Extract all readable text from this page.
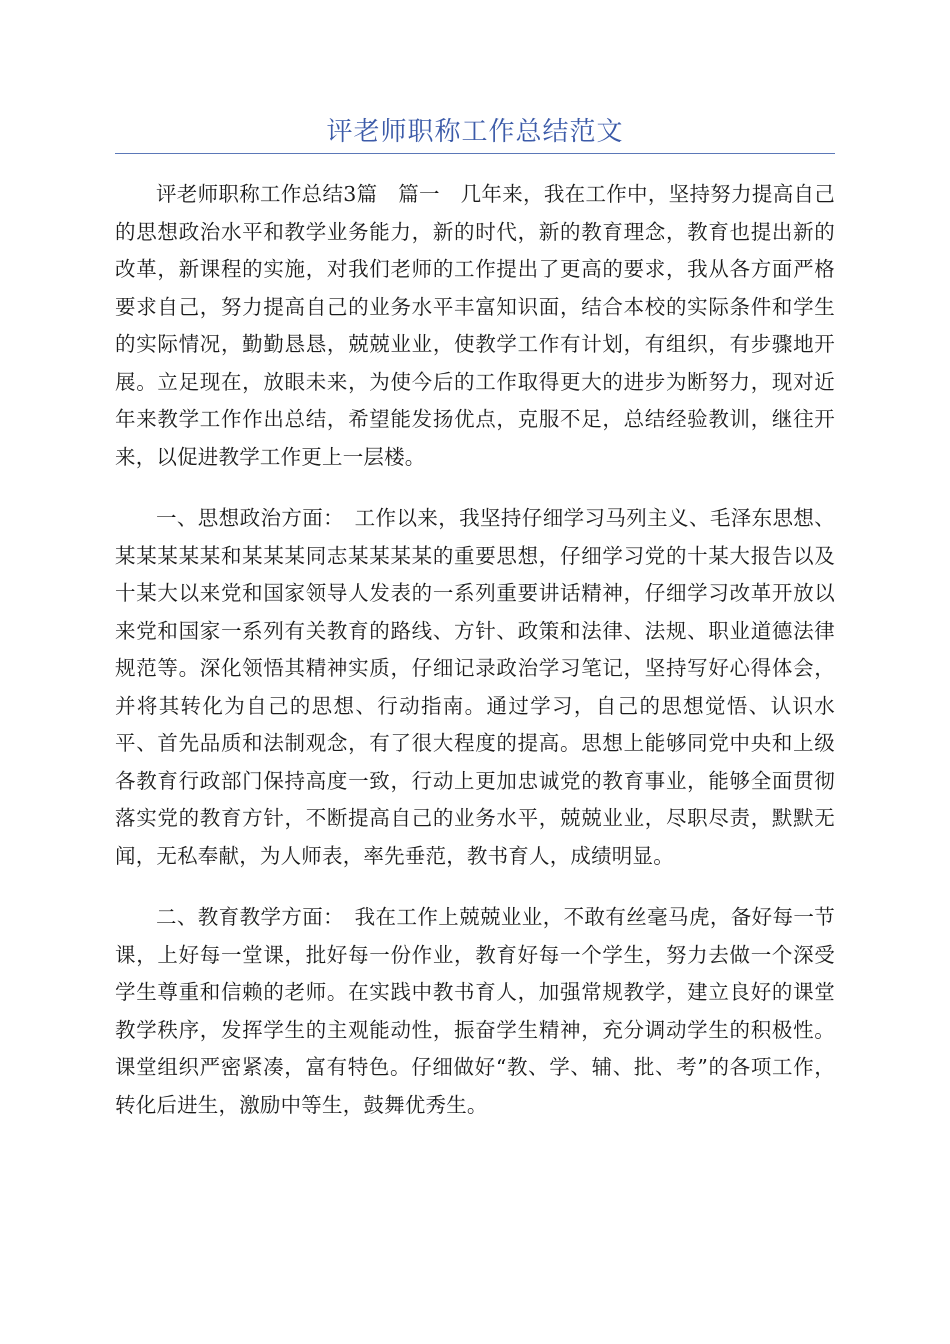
评老师职称工作总结范文

评老师职称工作总结3篇　篇一　几年来，我在工作中，坚持努力提高自己的思想政治水平和教学业务能力，新的时代，新的教育理念，教育也提出新的改革，新课程的实施，对我们老师的工作提出了更高的要求，我从各方面严格要求自己，努力提高自己的业务水平丰富知识面，结合本校的实际条件和学生的实际情况，勤勤恳恳，兢兢业业，使教学工作有计划，有组织，有步骤地开展。立足现在，放眼未来，为使今后的工作取得更大的进步为断努力，现对近年来教学工作作出总结，希望能发扬优点，克服不足，总结经验教训，继往开来，以促进教学工作更上一层楼。

一、思想政治方面：　工作以来，我坚持仔细学习马列主义、毛泽东思想、某某某某某和某某某同志某某某某的重要思想，仔细学习党的十某大报告以及十某大以来党和国家领导人发表的一系列重要讲话精神，仔细学习改革开放以来党和国家一系列有关教育的路线、方针、政策和法律、法规、职业道德法律规范等。深化领悟其精神实质，仔细记录政治学习笔记，坚持写好心得体会，并将其转化为自己的思想、行动指南。通过学习，自己的思想觉悟、认识水平、首先品质和法制观念，有了很大程度的提高。思想上能够同党中央和上级各教育行政部门保持高度一致，行动上更加忠诚党的教育事业，能够全面贯彻落实党的教育方针，不断提高自己的业务水平，兢兢业业，尽职尽责，默默无闻，无私奉献，为人师表，率先垂范，教书育人，成绩明显。

二、教育教学方面：　我在工作上兢兢业业，不敢有丝毫马虎，备好每一节课，上好每一堂课，批好每一份作业，教育好每一个学生，努力去做一个深受学生尊重和信赖的老师。在实践中教书育人，加强常规教学，建立良好的课堂教学秩序，发挥学生的主观能动性，振奋学生精神，充分调动学生的积极性。课堂组织严密紧凑，富有特色。仔细做好“教、学、辅、批、考”的各项工作，转化后进生，激励中等生，鼓舞优秀生。
